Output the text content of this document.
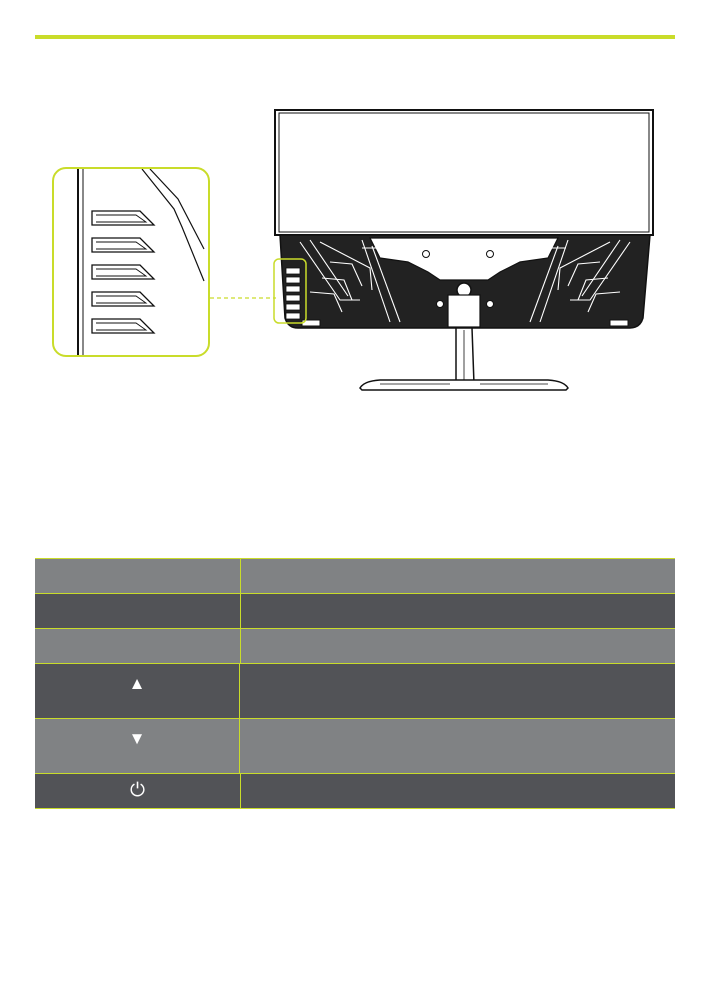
▲
▼
⏻
